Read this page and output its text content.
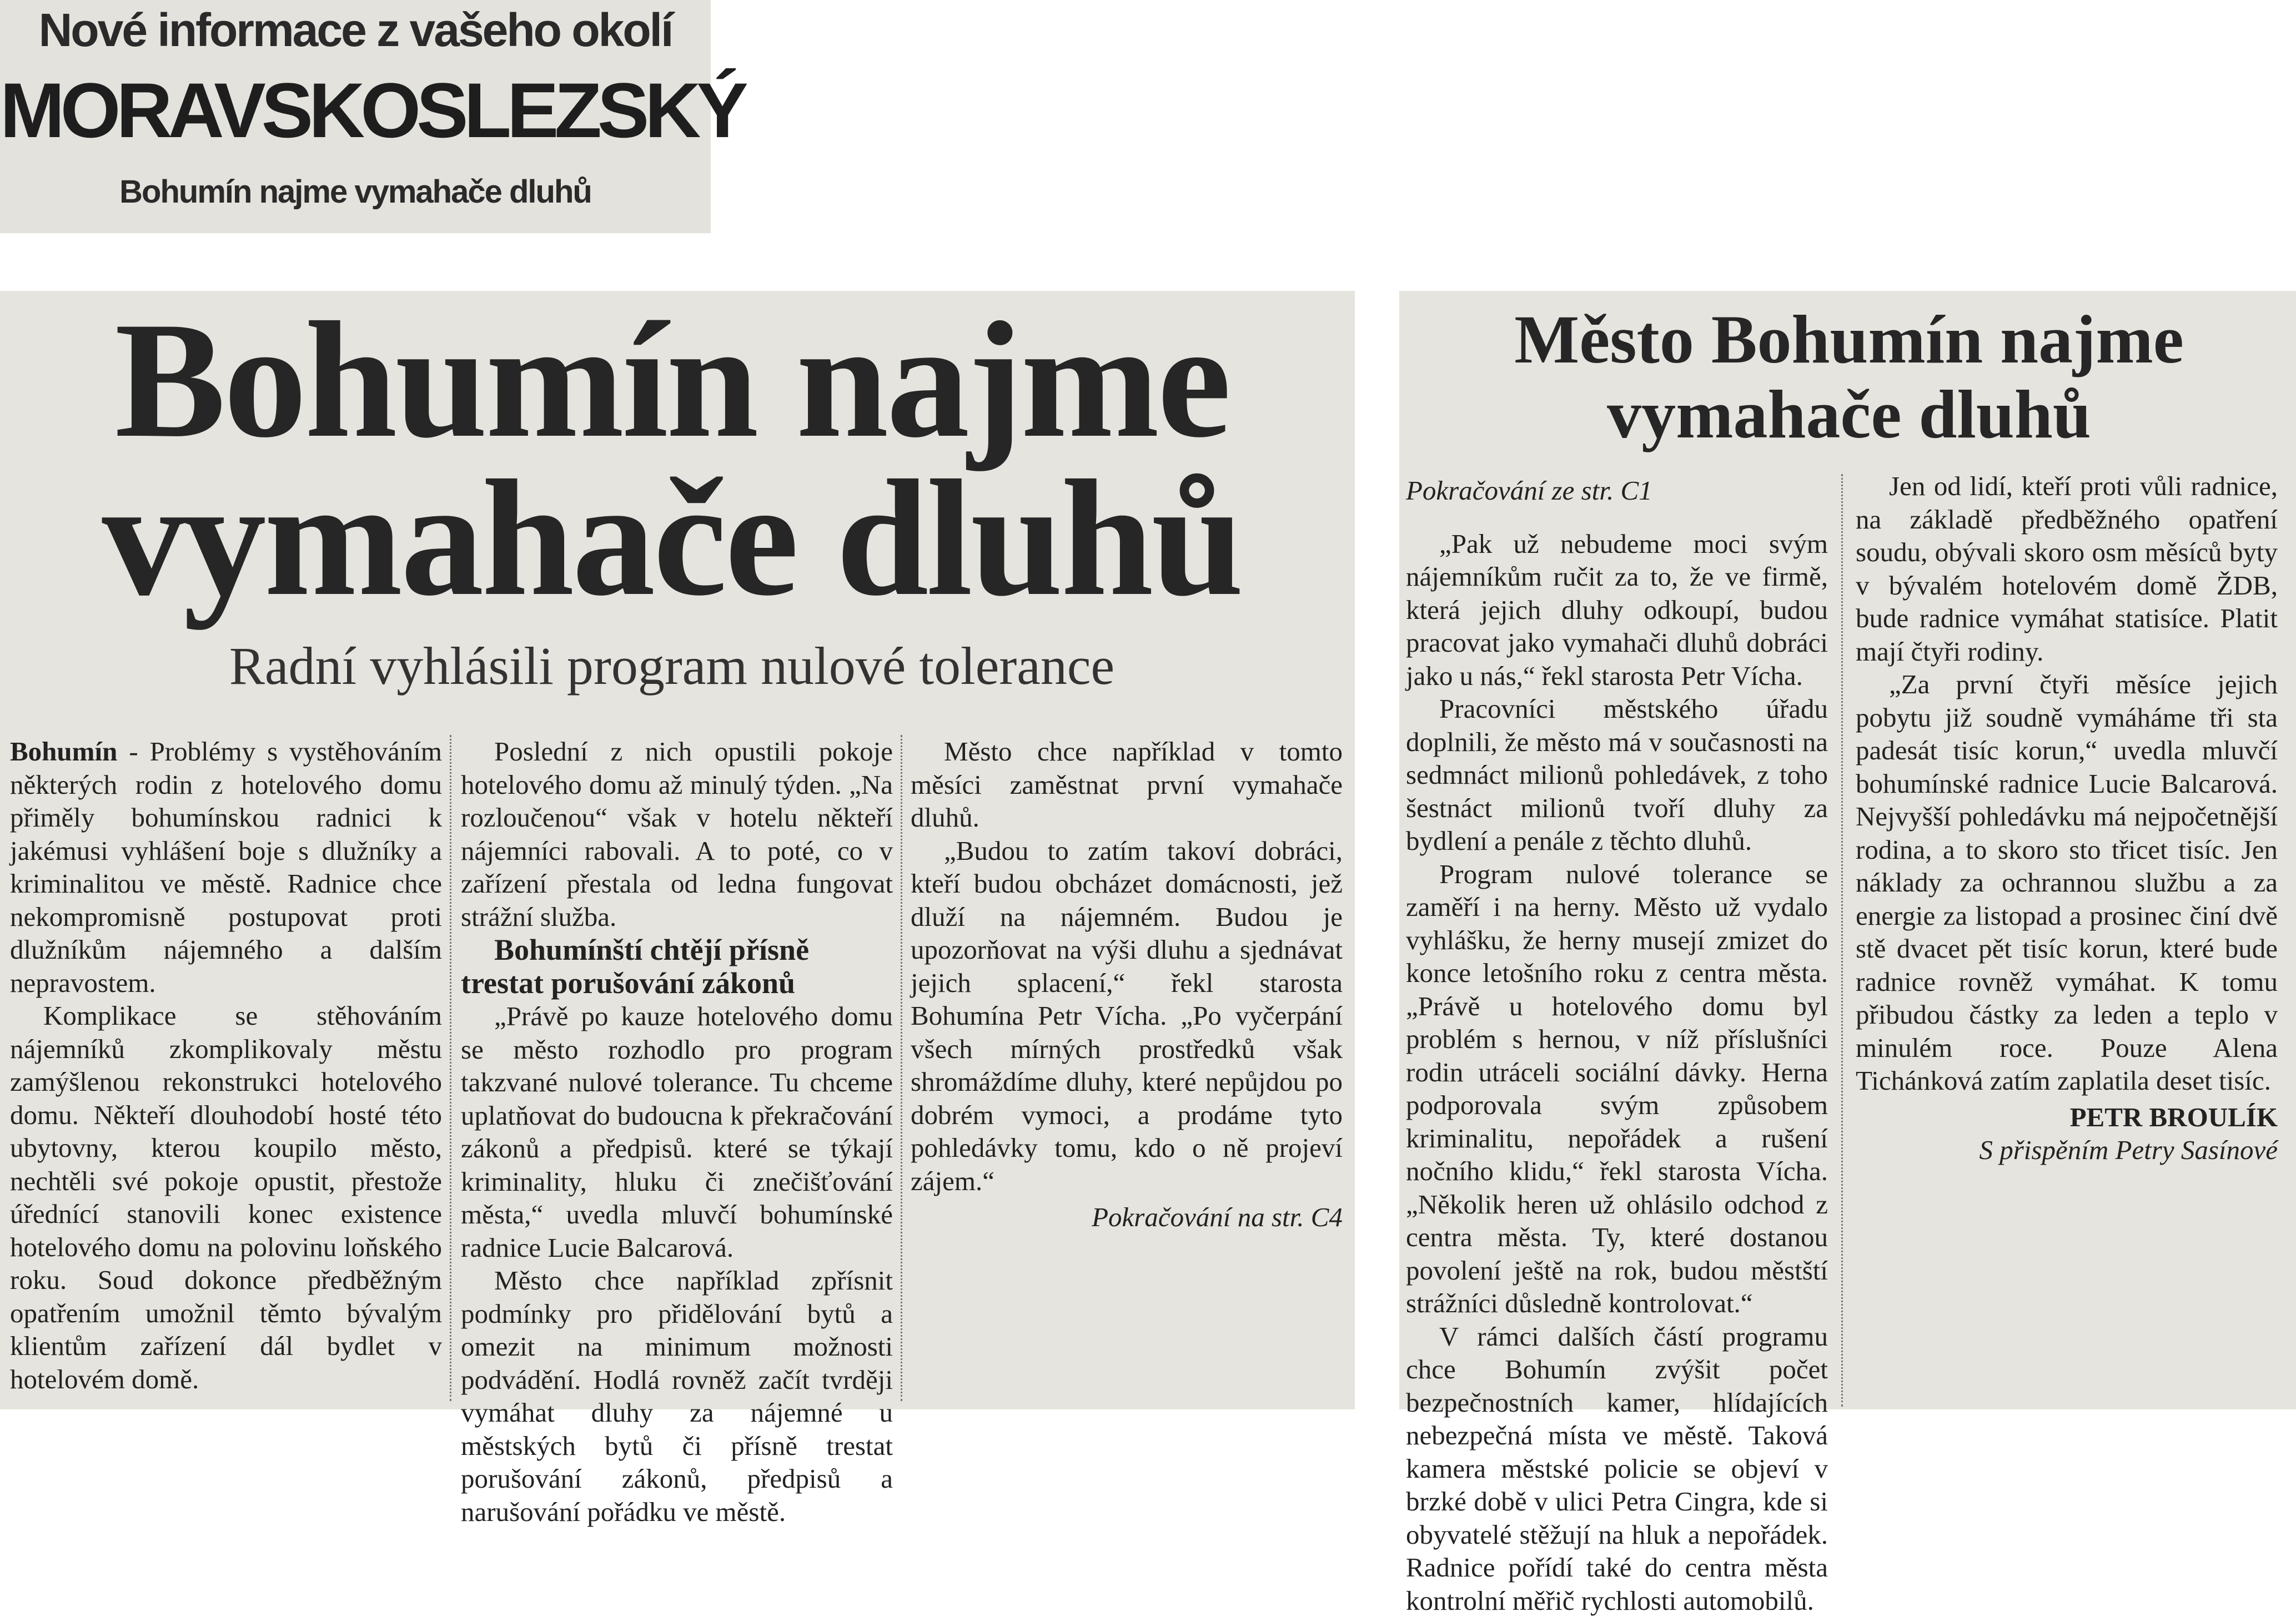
Nové informace z vašeho okolí
MORAVSKOSLEZSKÝ
Bohumín najme vymahače dluhů
Bohumín najme
vymahače dluhů
Radní vyhlásili program nulové tolerance

Bohumín - Problémy s vystěhováním některých rodin z hotelového domu přiměly bohumínskou radnici k jakémusi vyhlášení boje s dlužníky a kriminalitou ve městě. Radnice chce nekompromisně postupovat proti dlužníkům nájemného a dalším nepravostem.

Komplikace se stěhováním nájemníků zkomplikovaly městu zamýšlenou rekonstrukci hotelového domu. Někteří dlouhodobí hosté této ubytovny, kterou koupilo město, nechtěli své pokoje opustit, přestože úřednící stanovili konec existence hotelového domu na polovinu loňského roku. Soud dokonce předběžným opatřením umožnil těmto bývalým klientům zařízení dál bydlet v hotelovém domě.

Poslední z nich opustili pokoje hotelového domu až minulý týden. „Na rozloučenou“ však v hotelu někteří nájemníci rabovali. A to poté, co v zařízení přestala od ledna fungovat strážní služba.

Bohumínští chtějí přísně trestat porušování zákonů

„Právě po kauze hotelového domu se město rozhodlo pro program takzvané nulové tolerance. Tu chceme uplatňovat do budoucna k překračování zákonů a předpisů. které se týkají kriminality, hluku či znečišťování města,“ uvedla mluvčí bohumínské radnice Lucie Balcarová.

Město chce například zpřísnit podmínky pro přidělování bytů a omezit na minimum možnosti podvádění. Hodlá rovněž začít tvrději vymáhat dluhy za nájemné u městských bytů či přísně trestat porušování zákonů, předpisů a narušování pořádku ve městě.

Město chce například v tomto měsíci zaměstnat první vymahače dluhů.

„Budou to zatím takoví dobráci, kteří budou obcházet domácnosti, jež dluží na nájemném. Budou je upozorňovat na výši dluhu a sjednávat jejich splacení,“ řekl starosta Bohumína Petr Vícha. „Po vyčerpání všech mírných prostředků však shromáždíme dluhy, které nepůjdou po dobrém vymoci, a prodáme tyto pohledávky tomu, kdo o ně projeví zájem.“

Pokračování na str. C4
Město Bohumín najme
vymahače dluhů

Pokračování ze str. C1

„Pak už nebudeme moci svým nájemníkům ručit za to, že ve firmě, která jejich dluhy odkoupí, budou pracovat jako vymahači dluhů dobráci jako u nás,“ řekl starosta Petr Vícha.

Pracovníci městského úřadu doplnili, že město má v současnosti na sedmnáct milionů pohledávek, z toho šestnáct milionů tvoří dluhy za bydlení a penále z těchto dluhů.

Program nulové tolerance se zaměří i na herny. Město už vydalo vyhlášku, že herny musejí zmizet do konce letošního roku z centra města. „Právě u hotelového domu byl problém s hernou, v níž příslušníci rodin utráceli sociální dávky. Herna podporovala svým způsobem kriminalitu, nepořádek a rušení nočního klidu,“ řekl starosta Vícha. „Několik heren už ohlásilo odchod z centra města. Ty, které dostanou povolení ještě na rok, budou městští strážníci důsledně kontrolovat.“

V rámci dalších částí programu chce Bohumín zvýšit počet bezpečnostních kamer, hlídajících nebezpečná místa ve městě. Taková kamera městské policie se objeví v brzké době v ulici Petra Cingra, kde si obyvatelé stěžují na hluk a nepořádek. Radnice pořídí také do centra města kontrolní měřič rychlosti automobilů.

Jen od lidí, kteří proti vůli radnice, na základě předběžného opatření soudu, obývali skoro osm měsíců byty v bývalém hotelovém domě ŽDB, bude radnice vymáhat statisíce. Platit mají čtyři rodiny.

„Za první čtyři měsíce jejich pobytu již soudně vymáháme tři sta padesát tisíc korun,“ uvedla mluvčí bohumínské radnice Lucie Balcarová. Nejvyšší pohledávku má nejpočetnější rodina, a to skoro sto třicet tisíc. Jen náklady za ochrannou službu a za energie za listopad a prosinec činí dvě stě dvacet pět tisíc korun, které bude radnice rovněž vymáhat. K tomu přibudou částky za leden a teplo v minulém roce. Pouze Alena Tichánková zatím zaplatila deset tisíc.

PETR BROULÍK

S přispěním Petry Sasínové
